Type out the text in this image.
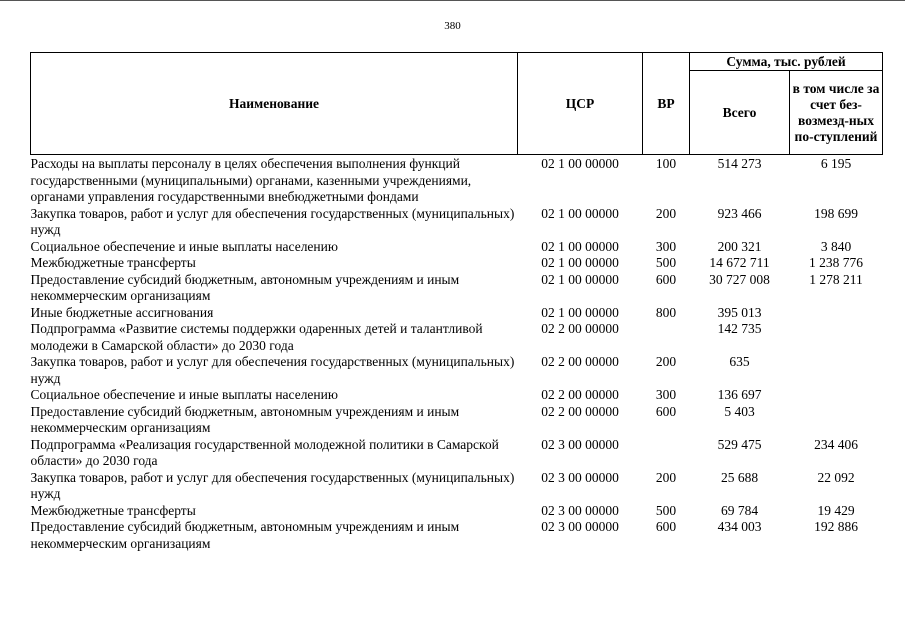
380
Наименование	ЦСР	ВР	Сумма, тыс. рублей	
			Всего	в том числе за счет без-возмезд-ных по-ступлений
Расходы на выплаты персоналу в целях обеспечения выполнения функций государственными (муниципальными) органами, казенными учреждениями, органами управления государственными внебюджетными фондами	02 1 00 00000	100	514 273	6 195
Закупка товаров, работ и услуг для обеспечения государственных (муниципальных) нужд	02 1 00 00000	200	923 466	198 699
Социальное обеспечение и иные выплаты населению	02 1 00 00000	300	200 321	3 840
Межбюджетные трансферты	02 1 00 00000	500	14 672 711	1 238 776
Предоставление субсидий бюджетным, автономным учреждениям и иным некоммерческим организациям	02 1 00 00000	600	30 727 008	1 278 211
Иные бюджетные ассигнования	02 1 00 00000	800	395 013	
Подпрограмма «Развитие системы поддержки одаренных детей и талантливой молодежи в Самарской области» до 2030 года	02 2 00 00000		142 735	
Закупка товаров, работ и услуг для обеспечения государственных (муниципальных) нужд	02 2 00 00000	200	635	
Социальное обеспечение и иные выплаты населению	02 2 00 00000	300	136 697	
Предоставление субсидий бюджетным, автономным учреждениям и иным некоммерческим организациям	02 2 00 00000	600	5 403	
Подпрограмма «Реализация государственной молодежной политики в Самарской области» до 2030 года	02 3 00 00000		529 475	234 406
Закупка товаров, работ и услуг для обеспечения государственных (муниципальных) нужд	02 3 00 00000	200	25 688	22 092
Межбюджетные трансферты	02 3 00 00000	500	69 784	19 429
Предоставление субсидий бюджетным, автономным учреждениям и иным некоммерческим организациям	02 3 00 00000	600	434 003	192 886
